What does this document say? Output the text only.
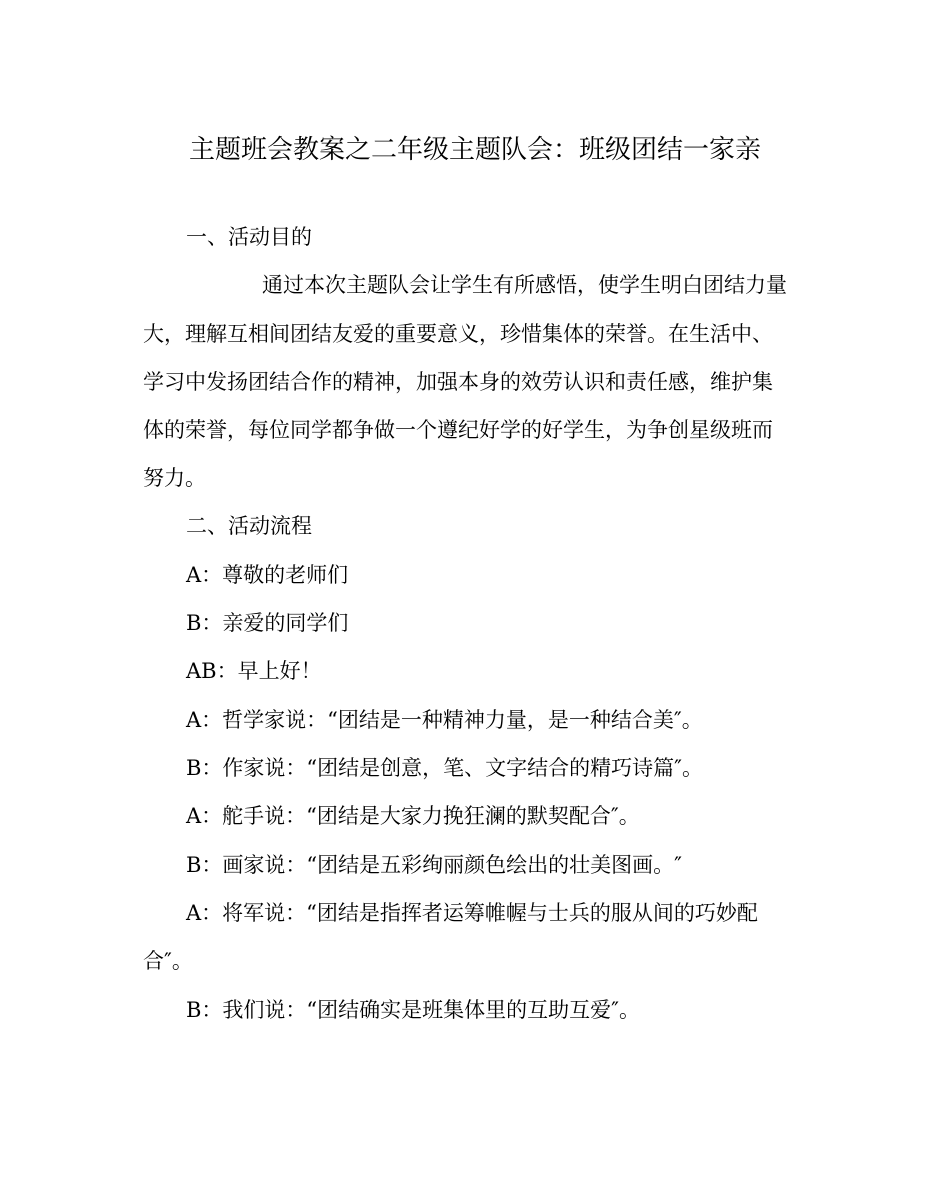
主题班会教案之二年级主题队会：班级团结一家亲
一、活动目的
通过本次主题队会让学生有所感悟，使学生明白团结力量
大，理解互相间团结友爱的重要意义，珍惜集体的荣誉。在生活中、
学习中发扬团结合作的精神，加强本身的效劳认识和责任感，维护集
体的荣誉，每位同学都争做一个遵纪好学的好学生，为争创星级班而
努力。
二、活动流程
A：尊敬的老师们
B：亲爱的同学们
AB：早上好！
A：哲学家说：“团结是一种精神力量，是一种结合美″。
B：作家说：“团结是创意，笔、文字结合的精巧诗篇″。
A：舵手说：“团结是大家力挽狂澜的默契配合″。
B：画家说：“团结是五彩绚丽颜色绘出的壮美图画。″
A：将军说：“团结是指挥者运筹帷幄与士兵的服从间的巧妙配
合″。
B：我们说：“团结确实是班集体里的互助互爱″。
